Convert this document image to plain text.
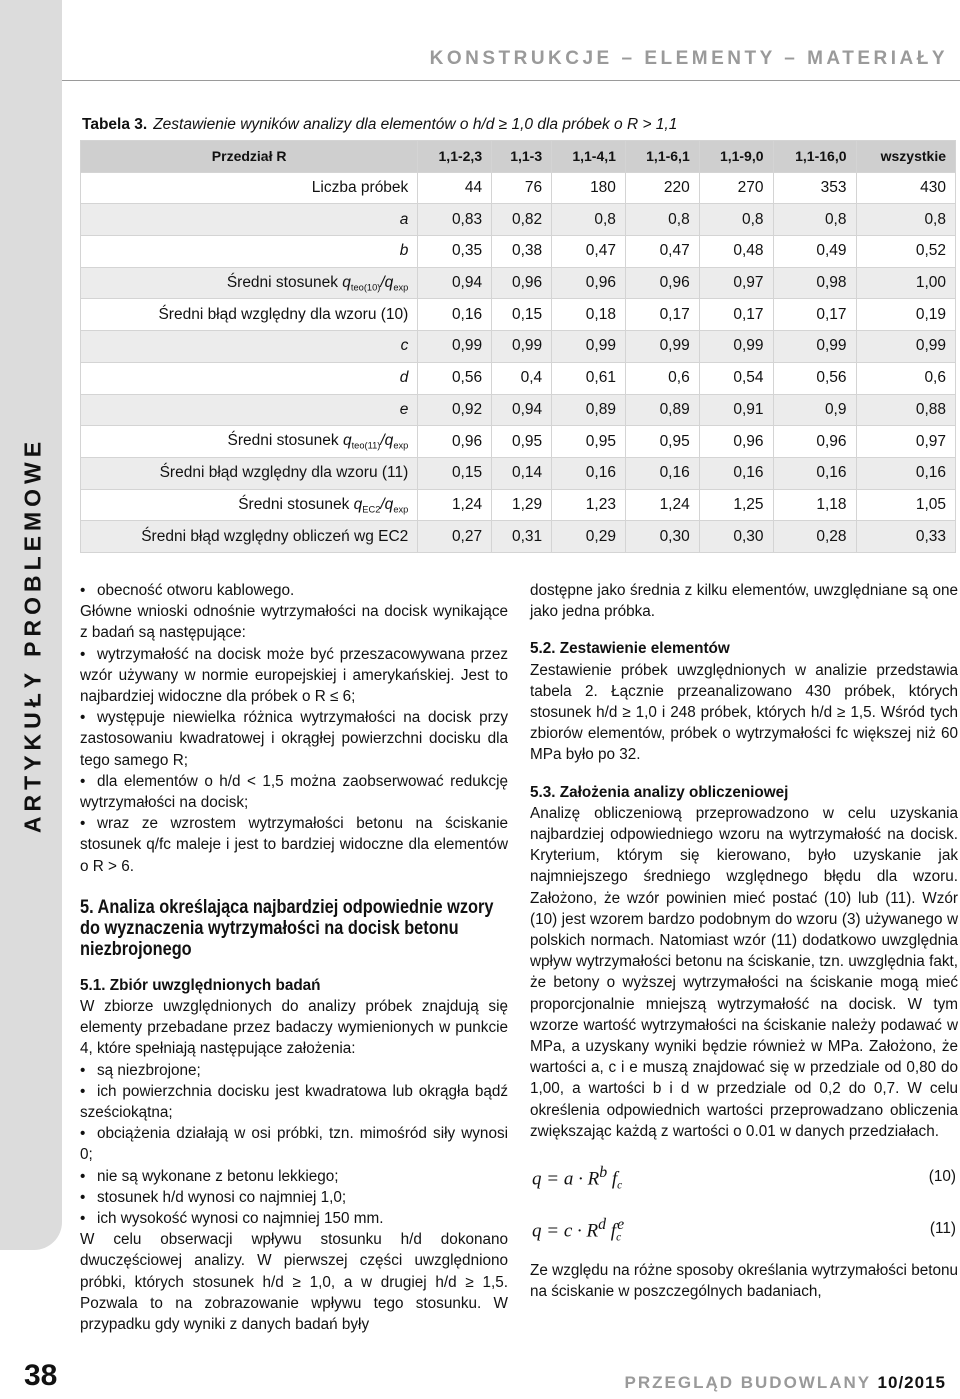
ARTYKUŁY PROBLEMOWE
38
KONSTRUKCJE – ELEMENTY – MATERIAŁY
Tabela 3. Zestawienie wyników analizy dla elementów o h/d ≥ 1,0 dla próbek o R > 1,1
Przedział R	1,1-2,3	1,1-3	1,1-4,1	1,1-6,1	1,1-9,0	1,1-16,0	wszystkie
Liczba próbek	44	76	180	220	270	353	430
a	0,83	0,82	0,8	0,8	0,8	0,8	0,8
b	0,35	0,38	0,47	0,47	0,48	0,49	0,52
Średni stosunek $q_{teo(10)}/q_{exp}$	0,94	0,96	0,96	0,96	0,97	0,98	1,00
Średni błąd względny dla wzoru (10)	0,16	0,15	0,18	0,17	0,17	0,17	0,19
c	0,99	0,99	0,99	0,99	0,99	0,99	0,99
d	0,56	0,4	0,61	0,6	0,54	0,56	0,6
e	0,92	0,94	0,89	0,89	0,91	0,9	0,88
Średni stosunek $q_{teo(11)}/q_{exp}$	0,96	0,95	0,95	0,95	0,96	0,96	0,97
Średni błąd względny dla wzoru (11)	0,15	0,14	0,16	0,16	0,16	0,16	0,16
Średni stosunek $q_{EC2}/q_{exp}$	1,24	1,29	1,23	1,24	1,25	1,18	1,05
Średni błąd względny obliczeń wg EC2	0,27	0,31	0,29	0,30	0,30	0,28	0,33
• obecność otworu kablowego.

Główne wnioski odnośnie wytrzymałości na docisk wynikające z badań są następujące:

• wytrzymałość na docisk może być przeszacowywana przez wzór używany w normie europejskiej i amerykańskiej. Jest to najbardziej widoczne dla próbek o R ≤ 6;
• występuje niewielka różnica wytrzymałości na docisk przy zastosowaniu kwadratowej i okrągłej powierzchni docisku dla tego samego R;
• dla elementów o h/d < 1,5 można zaobserwować redukcję wytrzymałości na docisk;
• wraz ze wzrostem wytrzymałości betonu na ściskanie stosunek q/fc maleje i jest to bardziej widoczne dla elementów o R > 6.
5. Analiza określająca najbardziej odpowiednie wzory do wyznaczenia wytrzymałości na docisk betonu niezbrojonego
5.1. Zbiór uwzględnionych badań

W zbiorze uwzględnionych do analizy próbek znajdują się elementy przebadane przez badaczy wymienionych w punkcie 4, które spełniają następujące założenia:

• są niezbrojone;
• ich powierzchnia docisku jest kwadratowa lub okrągła bądź sześciokątna;
• obciążenia działają w osi próbki, tzn. mimośród siły wynosi 0;
• nie są wykonane z betonu lekkiego;
• stosunek h/d wynosi co najmniej 1,0;
• ich wysokość wynosi co najmniej 150 mm.

W celu obserwacji wpływu stosunku h/d dokonano dwuczęściowej analizy. W pierwszej części uwzględniono próbki, których stosunek h/d ≥ 1,0, a w drugiej h/d ≥ 1,5. Pozwala to na zobrazowanie wpływu tego stosunku. W przypadku gdy wyniki z danych badań były

dostępne jako średnia z kilku elementów, uwzględniane są one jako jedna próbka.

5.2. Zestawienie elementów

Zestawienie próbek uwzględnionych w analizie przedstawia tabela 2. Łącznie przeanalizowano 430 próbek, których stosunek h/d ≥ 1,0 i 248 próbek, których h/d ≥ 1,5. Wśród tych zbiorów elementów, próbek o wytrzymałości fc większej niż 60 MPa było po 32.

5.3. Założenia analizy obliczeniowej

Analizę obliczeniową przeprowadzono w celu uzyskania najbardziej odpowiedniego wzoru na wytrzymałość na docisk. Kryterium, którym się kierowano, było uzyskanie jak najmniejszego średniego względnego błędu dla wzoru. Założono, że wzór powinien mieć postać (10) lub (11). Wzór (10) jest wzorem bardzo podobnym do wzoru (3) używanego w polskich normach. Natomiast wzór (11) dodatkowo uwzględnia wpływ wytrzymałości betonu na ściskanie, tzn. uwzględnia fakt, że betony o wyższej wytrzymałości na ściskanie mogą mieć proporcjonalnie mniejszą wytrzymałość na docisk. W tym wzorze wartość wytrzymałości na ściskanie należy podawać w MPa, a uzyskany wyniki będzie również w MPa. Założono, że wartości a, c i e muszą znajdować się w przedziale od 0,80 do 1,00, a wartości b i d w przedziale od 0,2 do 0,7. W celu określenia odpowiednich wartości przeprowadzano obliczenia zwiększając każdą z wartości o 0.01 w danych przedziałach.

$q = a \cdot R^b$ $f_c$
(10)
$q = c \cdot R^d$ $f_c^e$	(11)

Ze względu na różne sposoby określania wytrzymałości betonu na ściskanie w poszczególnych badaniach,

PRZEGLĄD BUDOWLANY 10/2015
